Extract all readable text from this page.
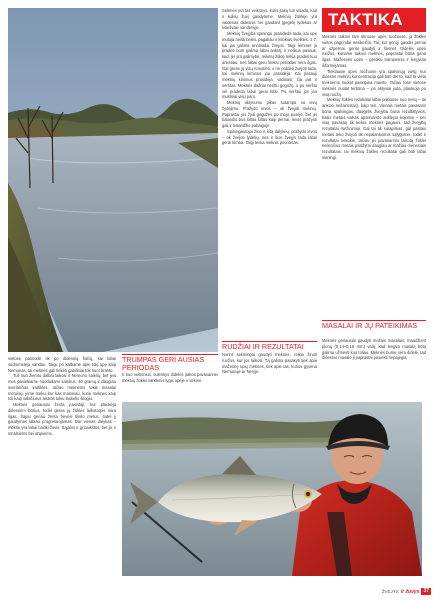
TAKTIKA

vietose pasirodė tik po didesnių liūčių, kai labai sudrumstėja vandau. Taigi, pri kalbame apie tokį upę kaip Nemunas, tai meknės gali tiekėti gabiliniai tok nuor kranto.

Tuli nuo žiemto dalbai laikosi ir Nemuno salelių, bet jeis mes pasiekiame nuodudami samkus. 40 gramų ir daugiau sveriančias vartikles, tačiau meknėms tokie masalai mėnėsų, jeme mekui kur kas maloniau, kurie meknes kaip toli kaip salačiurus aistros tokiu laukelis šilogiu.

Meknės geriausiai ženta juvostaji, kur plaukėja didesnėm būrius, todėl geras jų žūklės laikotarpis nėra ilgas. Šajau geriau ženta bevėsi tilelio metus, todėl jį gaudymas labiau progresuojamas. Dar vienas dalykas – meknė yra labai bailiki žuvis. Sąjalus ir gi baikštūs, bet jis ir smalsiems bei drąsiems.

Sekmės yra tas veiksnys, kuris įtakų turi visada, kad ir kokių žuvį gaudytume. Meknių žūklėje yra vaidenas didesnis nei gaudant įgegėlę lydekas ar kitiešvaie vandenyje.

Meknių žvejyba spiningu prasideda tada, kai upė mutuja neišti beles, pagaliau ir kitokias švelklės. 1 7, kai jas galima anomaliai žvejoti. Taigi lėmmet ja pradėti bom galima labai ankstį, ir nelikus pasauk, kad, jei yra galimybė, reikėtų žūklę reikia pradėti kuo ankstiau, nes labai geru kiekiu periodas nėra ilgas. Gal geras jų visų Anuotieti, o ne pradėti žvejoti tada, kai meknių kiminus jau prasidėja. Kai pasauji meknių kiminus prasidėja, vadinasi, čia pat ir nerštas. Meknės dažnai nerštu gegužę, o po nėrštu vėl pradeda labai gerai kibti. Po nerštui jos jau muldinai visų paro.

Meknių aktyvumo pikas sutampa su ievų žydėjimu. Pražydo ievos – ok žvejoti meknių. Paprastai jos žydi gegužės po mojo pusėje, bet jei balandis bus šiltas šiltas kaip pernai, ievos pražysti gali ir balandžio pabaigoje.

Spiningautojai žino ir kitą dalykėų: pražydo ievos – ok žvejoti lydekų, nes ir šios žvejys tada labai gerai kimba. Taigi teisia meknis prioritetas.

TRUMPAS GERI AUSIAS PERIODAS

Ir kuo veiksnius, sulenkys didelės įtakos pavasarinei meknių žūklei vandenis lygis upėje ir sekmė.

RUDŽIAI IR REZULTATAI

Norint sekmingai gaudyti meknes, reikia žinoti ruožus, kur jos laikosi. Tą galima pasakyti tiek apie mažesnę upių meknes, tiek apie tas, kurios gyvena Nemunuje ar Neryje.

Meknės laikosi tam tikruose upės ruožuose, ją žūklės vietos pagrindai nesikeičia. Tai, kur geroji gaudei pernai ar užpernai, geriai gaudyti ir šiemet. Didelės upės ruožus, kuriame laikosi meknės, paprastai būna gana ilgas. Mažesnės upės – geroksi trampesnis ir lengviau išformėjamas.

Tiekiausie upės ruožuose yra spalvingų vietų, kur didesnė meknių koncentracija gali būti dėl to, kad ta vieta meknėms nuolat pasiūpina maisto. Tačiau tose vietose meknės nuolat terbūna – jos aktyviai juda, plaukioja po visą ruožą.

Meknių žūklės rezultatai labai priklauso nuo metų – tai ankcio nešaimotas), kaip ten. Vienais metais pavasaris būna spalvingas, daugelis žvejyba buna rezultatyvios, kitais metais vaikas apsisvarsto auklėjos kojomis – per visą pavasarį tik keliss meknes pagauni, tad žvejybų rezultatai mėžinimiai. Gal tai tik sutapimas, gal pastais metais teko žvejoti tik nepalankiomis sąlygomis, todėl ir rezultatai nekokie, tačiau jei pavasarinio laikotą žūklei neilenčius metais pasižymi daugiau ar mažiau mėnesiais rezultatais, tai meknių žūklės rezultatai gali būti labai vieningi.

MASALAI IR JŲ PATEIKIMAS

Meknės geriausiai gaudyti mažais masalais, maudžiant plonų (0,14–0,16 mm) valą, kad lengva masalą būtų galima užmesti kuo toliau. Meknės bume nėra didelė, tad didesnio masalo ji paprastai pasiekti nepajėgia.

ŽVEJYS ir žuvys 37
